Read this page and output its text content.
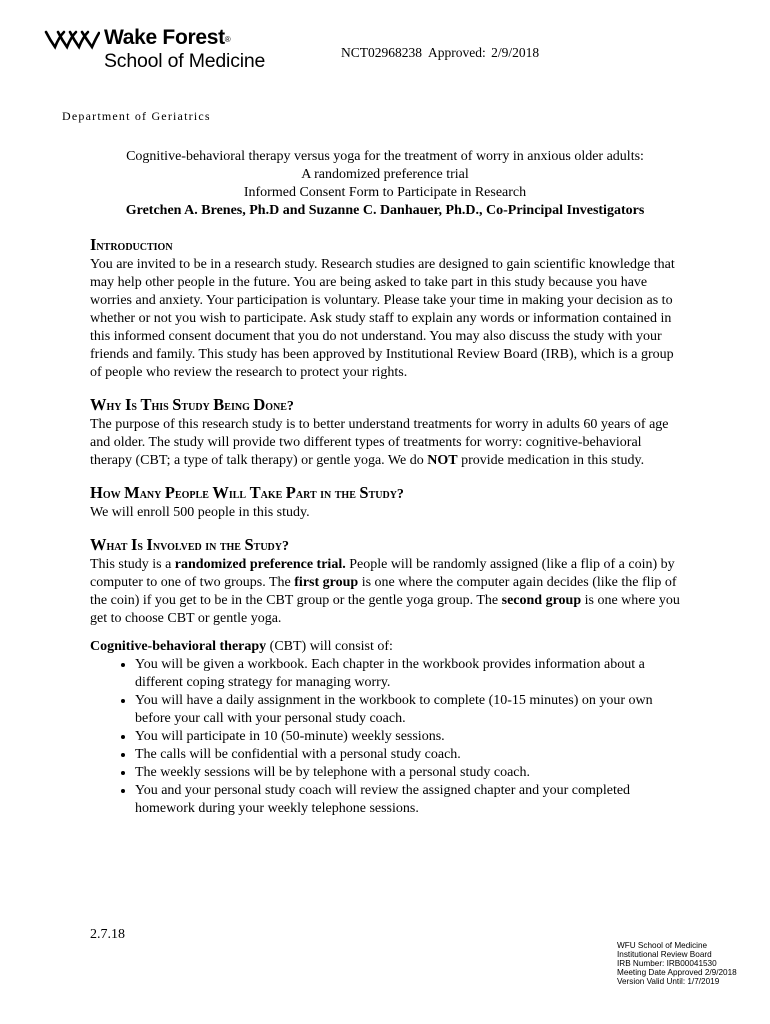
Wake Forest®
School of Medicine	NCT02968238 Approved: 2/9/2018
Department of Geriatrics
Cognitive-behavioral therapy versus yoga for the treatment of worry in anxious older adults:
A randomized preference trial
Informed Consent Form to Participate in Research
Gretchen A. Brenes, Ph.D and Suzanne C. Danhauer, Ph.D., Co-Principal Investigators
Introduction

You are invited to be in a research study. Research studies are designed to gain scientific knowledge that may help other people in the future. You are being asked to take part in this study because you have worries and anxiety. Your participation is voluntary. Please take your time in making your decision as to whether or not you wish to participate. Ask study staff to explain any words or information contained in this informed consent document that you do not understand. You may also discuss the study with your friends and family. This study has been approved by Institutional Review Board (IRB), which is a group of people who review the research to protect your rights.

Why Is This Study Being Done?

The purpose of this research study is to better understand treatments for worry in adults 60 years of age and older. The study will provide two different types of treatments for worry: cognitive-behavioral therapy (CBT; a type of talk therapy) or gentle yoga. We do NOT provide medication in this study.

How Many People Will Take Part in the Study?

We will enroll 500 people in this study.

What Is Involved in the Study?

This study is a randomized preference trial. People will be randomly assigned (like a flip of a coin) by computer to one of two groups. The first group is one where the computer again decides (like the flip of the coin) if you get to be in the CBT group or the gentle yoga group. The second group is one where you get to choose CBT or gentle yoga.

Cognitive-behavioral therapy (CBT) will consist of:

• You will be given a workbook. Each chapter in the workbook provides information about a different coping strategy for managing worry.
• You will have a daily assignment in the workbook to complete (10-15 minutes) on your own before your call with your personal study coach.
• You will participate in 10 (50-minute) weekly sessions.
• The calls will be confidential with a personal study coach.
• The weekly sessions will be by telephone with a personal study coach.
• You and your personal study coach will review the assigned chapter and your completed homework during your weekly telephone sessions.
2.7.18
WFU School of Medicine
Institutional Review Board
IRB Number: IRB00041530
Meeting Date Approved 2/9/2018
Version Valid Until: 1/7/2019
